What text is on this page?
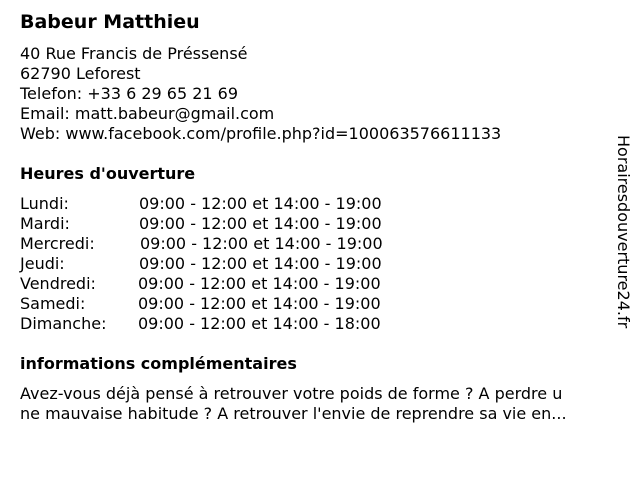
Babeur Matthieu
40 Rue Francis de Préssensé
62790 Leforest
Telefon: +33 6 29 65 21 69
Email: matt.babeur@gmail.com
Web: www.facebook.com/profile.php?id=100063576611133
Heures d'ouverture
Lundi:	09:00 - 12:00 et 14:00 - 19:00
Mardi:	09:00 - 12:00 et 14:00 - 19:00
Mercredi:	09:00 - 12:00 et 14:00 - 19:00
Jeudi:	09:00 - 12:00 et 14:00 - 19:00
Vendredi:	09:00 - 12:00 et 14:00 - 19:00
Samedi:	09:00 - 12:00 et 14:00 - 19:00
Dimanche: 09:00 - 12:00 et 14:00 - 18:00
informations complémentaires
Avez-vous déjà pensé à retrouver votre poids de forme ? A perdre u
ne mauvaise habitude ? A retrouver l'envie de reprendre sa vie en...
Horairesdouverture24.fr
